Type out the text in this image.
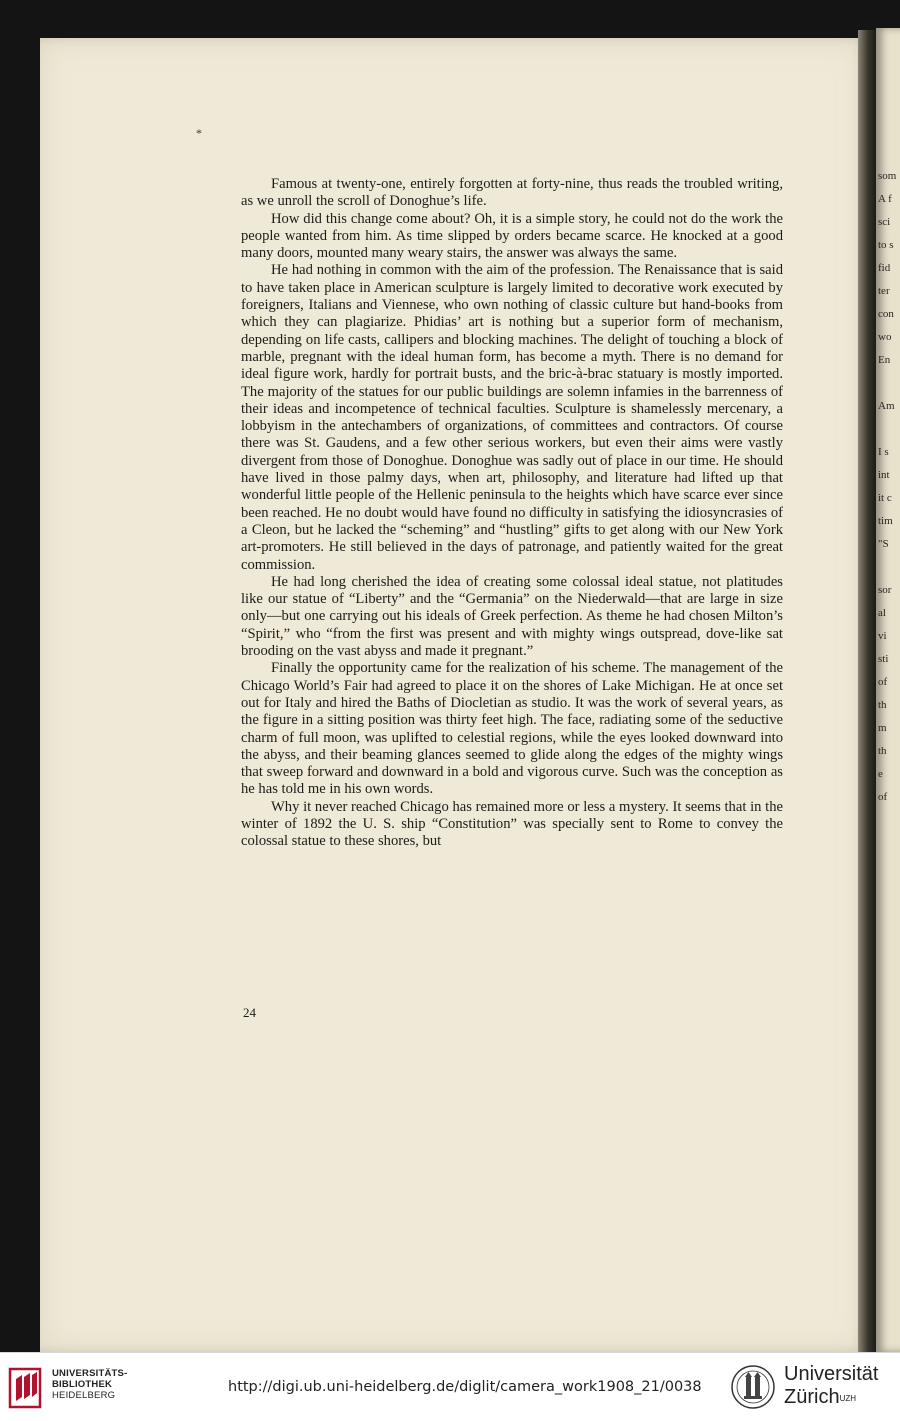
som
A f
sci
to s
fid
ter
con
wo
En
Am
I s
int
it c
tim
"S
sor
al
vi
sti
of
th
m
th
e
of
*

Famous at twenty-one, entirely forgotten at forty-nine, thus reads the troubled writing, as we unroll the scroll of Donoghue’s life.

How did this change come about? Oh, it is a simple story, he could not do the work the people wanted from him. As time slipped by orders became scarce. He knocked at a good many doors, mounted many weary stairs, the answer was always the same.

He had nothing in common with the aim of the profession. The Renaissance that is said to have taken place in American sculpture is largely limited to decorative work executed by foreigners, Italians and Viennese, who own nothing of classic culture but hand-books from which they can plagiarize. Phidias’ art is nothing but a superior form of mechanism, depending on life casts, callipers and blocking machines. The delight of touching a block of marble, pregnant with the ideal human form, has become a myth. There is no demand for ideal figure work, hardly for portrait busts, and the bric-à-brac statuary is mostly imported. The majority of the statues for our public buildings are solemn infamies in the barrenness of their ideas and incompetence of technical faculties. Sculpture is shamelessly mercenary, a lobbyism in the antechambers of organizations, of committees and contractors. Of course there was St. Gaudens, and a few other serious workers, but even their aims were vastly divergent from those of Donoghue. Donoghue was sadly out of place in our time. He should have lived in those palmy days, when art, philosophy, and literature had lifted up that wonderful little people of the Hellenic peninsula to the heights which have scarce ever since been reached. He no doubt would have found no difficulty in satisfying the idiosyncrasies of a Cleon, but he lacked the “scheming” and “hustling” gifts to get along with our New York art-promoters. He still believed in the days of patronage, and patiently waited for the great commission.

He had long cherished the idea of creating some colossal ideal statue, not platitudes like our statue of “Liberty” and the “Germania” on the Niederwald—that are large in size only—but one carrying out his ideals of Greek perfection. As theme he had chosen Milton’s “Spirit,” who “from the first was present and with mighty wings outspread, dove-like sat brooding on the vast abyss and made it pregnant.”

Finally the opportunity came for the realization of his scheme. The management of the Chicago World’s Fair had agreed to place it on the shores of Lake Michigan. He at once set out for Italy and hired the Baths of Diocletian as studio. It was the work of several years, as the figure in a sitting position was thirty feet high. The face, radiating some of the seductive charm of full moon, was uplifted to celestial regions, while the eyes looked downward into the abyss, and their beaming glances seemed to glide along the edges of the mighty wings that sweep forward and downward in a bold and vigorous curve. Such was the conception as he has told me in his own words.

Why it never reached Chicago has remained more or less a mystery. It seems that in the winter of 1892 the U. S. ship “Constitution” was specially sent to Rome to convey the colossal statue to these shores, but

24
UNIVERSITÄTS-
BIBLIOTHEK
HEIDELBERG
http://digi.ub.uni-heidelberg.de/diglit/camera_work1908_21/0038
Universität
Zürich$^{UZH}$
